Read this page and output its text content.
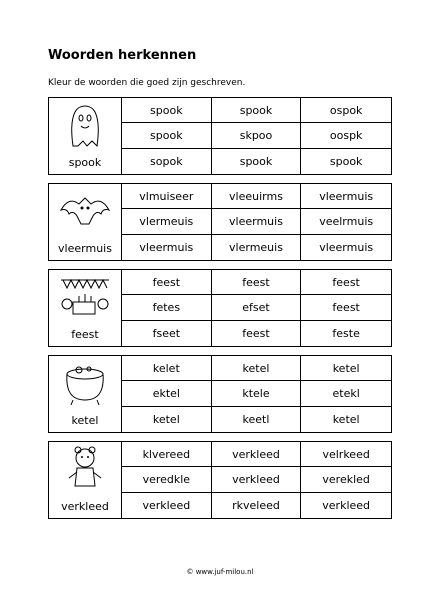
Woorden herkennen
Kleur de woorden die goed zijn geschreven.
spook
spook	spook	ospok
spook	skpoo	oospk
sopok	spook	spook
vleermuis
vlmuiseer	vleeuirms	vleermuis
vlermeuis	vleermuis	veelrmuis
vleermuis	vlermeuis	vleermuis
feest
feest	feest	feest
fetes	efset	feest
fseet	feest	feste
ketel
kelet	ketel	ketel
ektel	ktele	etekl
ketel	keetl	ketel
verkleed
klvereed	verkleed	velrkeed
veredkle	verkleed	verekled
verkleed	rkveleed	verkleed
© www.juf-milou.nl
